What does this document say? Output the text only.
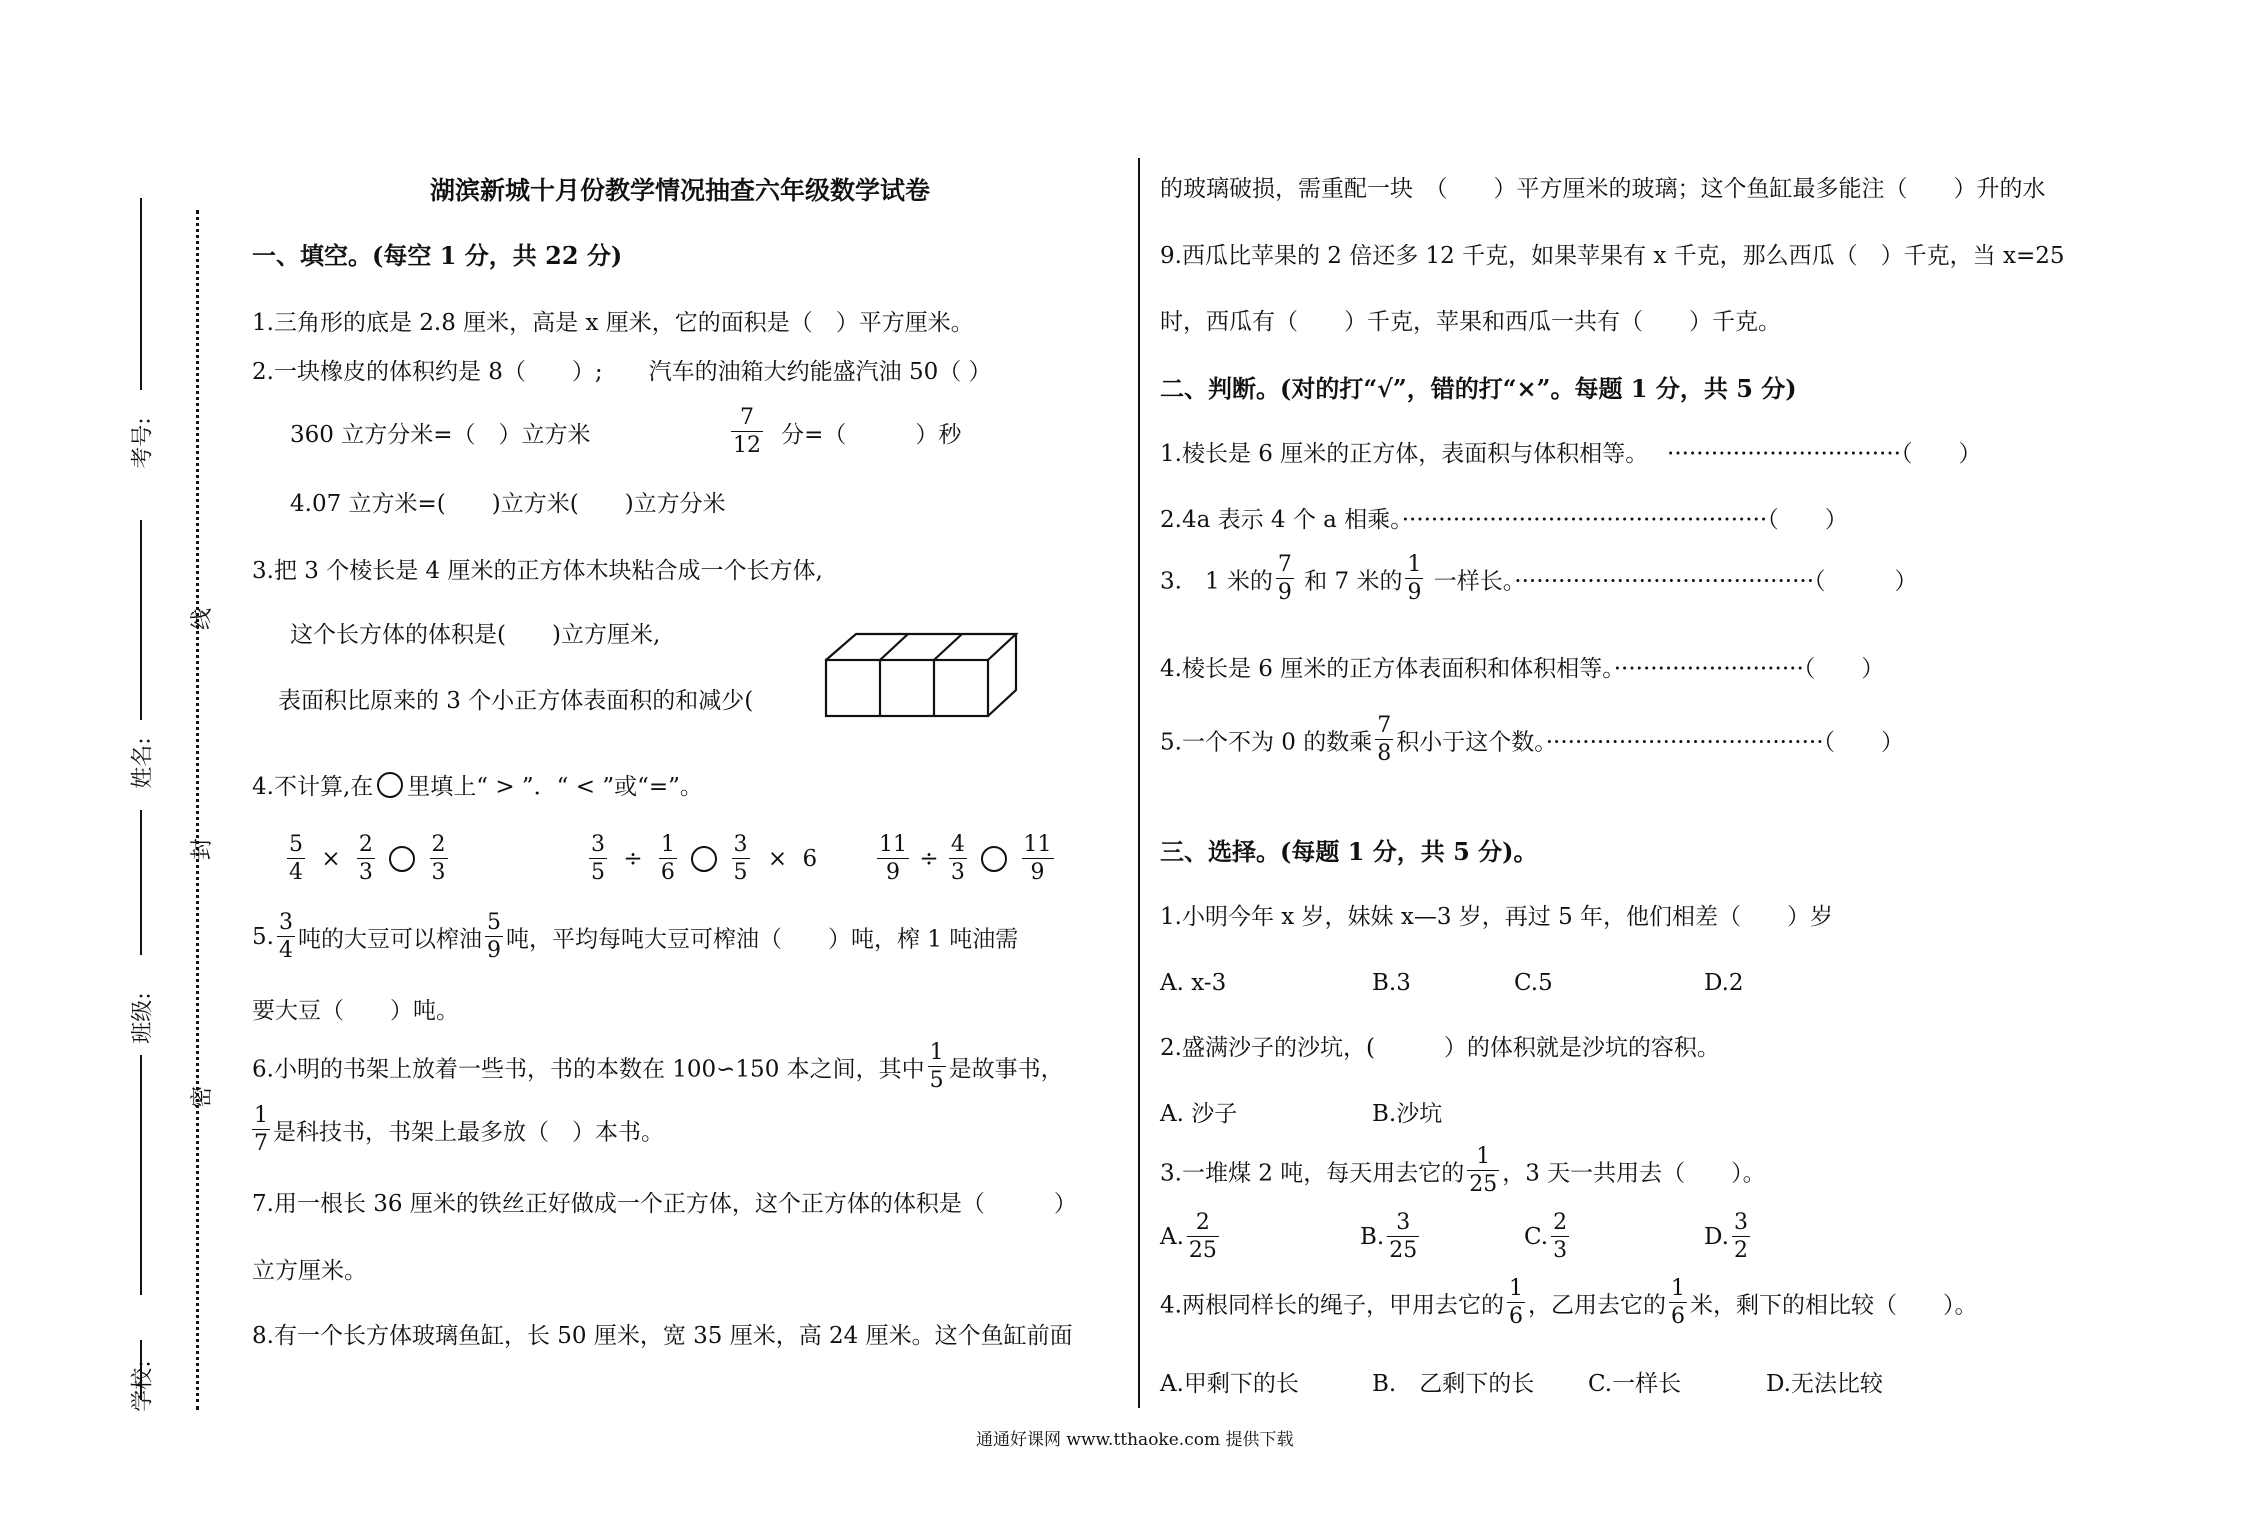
考号:
姓名:
班级:
学校:
线
封
密
湖滨新城十月份教学情况抽查六年级数学试卷
一、填空。(每空 1 分，共 22 分)
1.三角形的底是 2.8 厘米，高是 x 厘米，它的面积是（　）平方厘米。
2.一块橡皮的体积约是 8（　　）;　　汽车的油箱大约能盛汽油 50（ ）
360 立方分米=（　）立方米	$\frac{7}{12}$ 分=（　　　）秒
4.07 立方米=(　　)立方米(　　)立方分米
3.把 3 个棱长是 4 厘米的正方体木块粘合成一个长方体,
这个长方体的体积是(　　)立方厘米,
表面积比原来的 3 个小正方体表面积的和减少(
4.不计算,在 里填上“ > ”．“ < ”或“=”。
$\frac{5}{4} \times \frac{2}{3}$
$\frac{2}{3}$	$\frac{3}{5} \div \frac{1}{6}$
$\frac{3}{5} \times 6$	$\frac{11}{9} \div \frac{4}{3}$
$\frac{11}{9}$
5. $\frac{3}{4}$ 吨的大豆可以榨油 $\frac{5}{9}$ 吨，平均每吨大豆可榨油（　　）吨，榨 1 吨油需
要大豆（　　）吨。
6.小明的书架上放着一些书，书的本数在 100∽150 本之间，其中 $\frac{1}{5}$ 是故事书，
$\frac{1}{7}$ 是科技书，书架上最多放（　）本书。
7.用一根长 36 厘米的铁丝正好做成一个正方体，这个正方体的体积是（　　　）
立方厘米。
8.有一个长方体玻璃鱼缸，长 50 厘米，宽 35 厘米，高 24 厘米。这个鱼缸前面
的玻璃破损，需重配一块　（　　）平方厘米的玻璃；这个鱼缸最多能注（　　）升的水
9.西瓜比苹果的 2 倍还多 12 千克，如果苹果有 x 千克，那么西瓜（　）千克，当 x=25
时，西瓜有（　　）千克，苹果和西瓜一共有（　　）千克。
二、判断。(对的打“√”，错的打“×”。每题 1 分，共 5 分)
1.棱长是 6 厘米的正方体，表面积与体积相等。　 ································（　　）
2.4a 表示 4 个 a 相乘。··················································（　　）
3.　1 米的 $\frac{7}{9}$ 和 7 米的 $\frac{1}{9}$ 一样长。·········································（　　　）
4.棱长是 6 厘米的正方体表面积和体积相等。··························（　　）
5.一个不为 0 的数乘 $\frac{7}{8}$ 积小于这个数。······································（　　）
三、选择。(每题 1 分，共 5 分)。
1.小明今年 x 岁，妹妹 x—3 岁，再过 5 年，他们相差（　　）岁
A. x-3	B.3	C.5	D.2
2.盛满沙子的沙坑，(　　　）的体积就是沙坑的容积。
A. 沙子	B.沙坑
3.一堆煤 2 吨，每天用去它的 $\frac{1}{25}$ ，3 天一共用去（　　）。
A. $\frac{2}{25}$	B. $\frac{3}{25}$	C. $\frac{2}{3}$	D. $\frac{3}{2}$
4.两根同样长的绳子，甲用去它的 $\frac{1}{6}$ ，乙用去它的 $\frac{1}{6}$ 米，剩下的相比较（　　）。
A.甲剩下的长	B.　乙剩下的长 C.一样长	D.无法比较
通通好课网 www.tthaoke.com 提供下载
